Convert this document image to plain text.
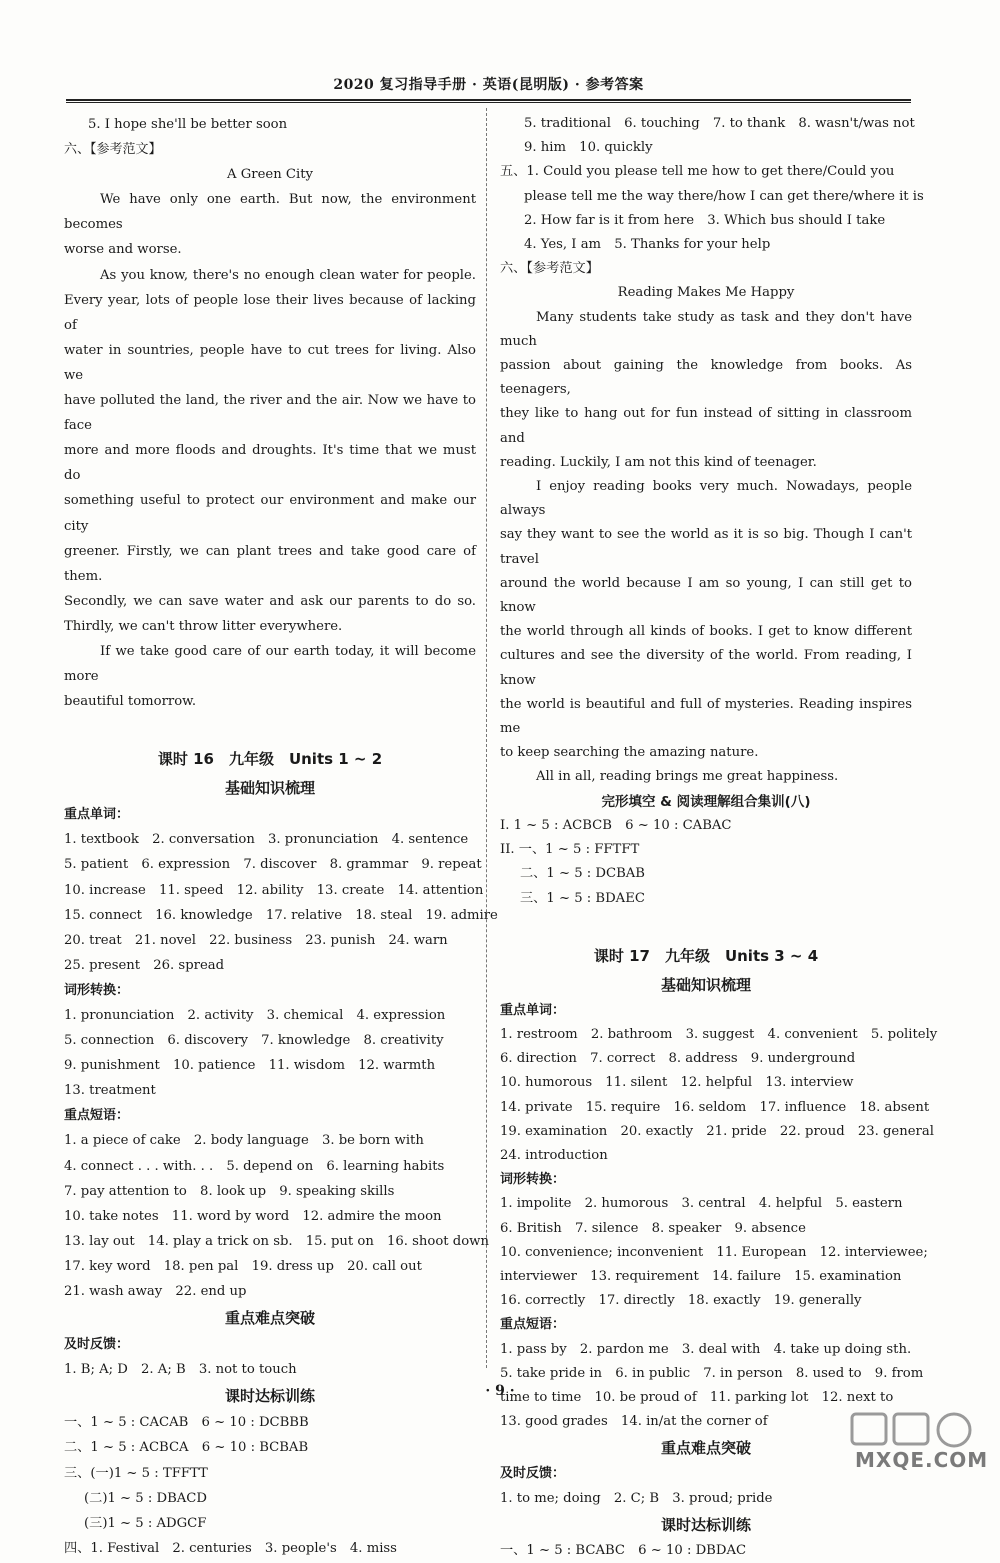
2020 复习指导手册 · 英语(昆明版) · 参考答案
5. I hope she'll be better soon
六、【参考范文】
A Green City
We have only one earth. But now, the environment becomes
worse and worse.
As you know, there's no enough clean water for people.
Every year, lots of people lose their lives because of lacking of
water in sountries, people have to cut trees for living. Also we
have polluted the land, the river and the air. Now we have to face
more and more floods and droughts. It's time that we must do
something useful to protect our environment and make our city
greener. Firstly, we can plant trees and take good care of them.
Secondly, we can save water and ask our parents to do so.
Thirdly, we can't throw litter everywhere.
If we take good care of our earth today, it will become more
beautiful tomorrow.
课时 16　九年级　Units 1 ~ 2
基础知识梳理
重点单词：
1. textbook　2. conversation　3. pronunciation　4. sentence
5. patient　6. expression　7. discover　8. grammar　9. repeat
10. increase　11. speed　12. ability　13. create　14. attention
15. connect　16. knowledge　17. relative　18. steal　19. admire
20. treat　21. novel　22. business　23. punish　24. warn
25. present　26. spread
词形转换：
1. pronunciation　2. activity　3. chemical　4. expression
5. connection　6. discovery　7. knowledge　8. creativity
9. punishment　10. patience　11. wisdom　12. warmth
13. treatment
重点短语：
1. a piece of cake　2. body language　3. be born with
4. connect . . . with. . .　5. depend on　6. learning habits
7. pay attention to　8. look up　9. speaking skills
10. take notes　11. word by word　12. admire the moon
13. lay out　14. play a trick on sb.　15. put on　16. shoot down
17. key word　18. pen pal　19. dress up　20. call out
21. wash away　22. end up
重点难点突破
及时反馈：
1. B; A; D　2. A; B　3. not to touch
课时达标训练
一、1 ~ 5 : CACAB　6 ~ 10 : DCBBB
二、1 ~ 5 : ACBCA　6 ~ 10 : BCBAB
三、(一)1 ~ 5 : TFFTT
(二)1 ~ 5 : DBACD
(三)1 ~ 5 : ADGCF
四、1. Festival　2. centuries　3. people's　4. miss
5. traditional　6. touching　7. to thank　8. wasn't/was not
9. him　10. quickly
五、1. Could you please tell me how to get there/Could you
please tell me the way there/how I can get there/where it is
2. How far is it from here　3. Which bus should I take
4. Yes, I am　5. Thanks for your help
六、【参考范文】
Reading Makes Me Happy
Many students take study as task and they don't have much
passion about gaining the knowledge from books. As teenagers,
they like to hang out for fun instead of sitting in classroom and
reading. Luckily, I am not this kind of teenager.
I enjoy reading books very much. Nowadays, people always
say they want to see the world as it is so big. Though I can't travel
around the world because I am so young, I can still get to know
the world through all kinds of books. I get to know different
cultures and see the diversity of the world. From reading, I know
the world is beautiful and full of mysteries. Reading inspires me
to keep searching the amazing nature.
All in all, reading brings me great happiness.
完形填空 & 阅读理解组合集训(八)
I. 1 ~ 5 : ACBCB　6 ~ 10 : CABAC
II. 一、1 ~ 5 : FFTFT
二、1 ~ 5 : DCBAB
三、1 ~ 5 : BDAEC
课时 17　九年级　Units 3 ~ 4
基础知识梳理
重点单词：
1. restroom　2. bathroom　3. suggest　4. convenient　5. politely
6. direction　7. correct　8. address　9. underground
10. humorous　11. silent　12. helpful　13. interview
14. private　15. require　16. seldom　17. influence　18. absent
19. examination　20. exactly　21. pride　22. proud　23. general
24. introduction
词形转换：
1. impolite　2. humorous　3. central　4. helpful　5. eastern
6. British　7. silence　8. speaker　9. absence
10. convenience; inconvenient　11. European　12. interviewee;
interviewer　13. requirement　14. failure　15. examination
16. correctly　17. directly　18. exactly　19. generally
重点短语：
1. pass by　2. pardon me　3. deal with　4. take up doing sth.
5. take pride in　6. in public　7. in person　8. used to　9. from
time to time　10. be proud of　11. parking lot　12. next to
13. good grades　14. in/at the corner of
重点难点突破
及时反馈：
1. to me; doing　2. C; B　3. proud; pride
课时达标训练
一、1 ~ 5 : BCABC　6 ~ 10 : DBDAC
· 9 ·
MXQE.COM
